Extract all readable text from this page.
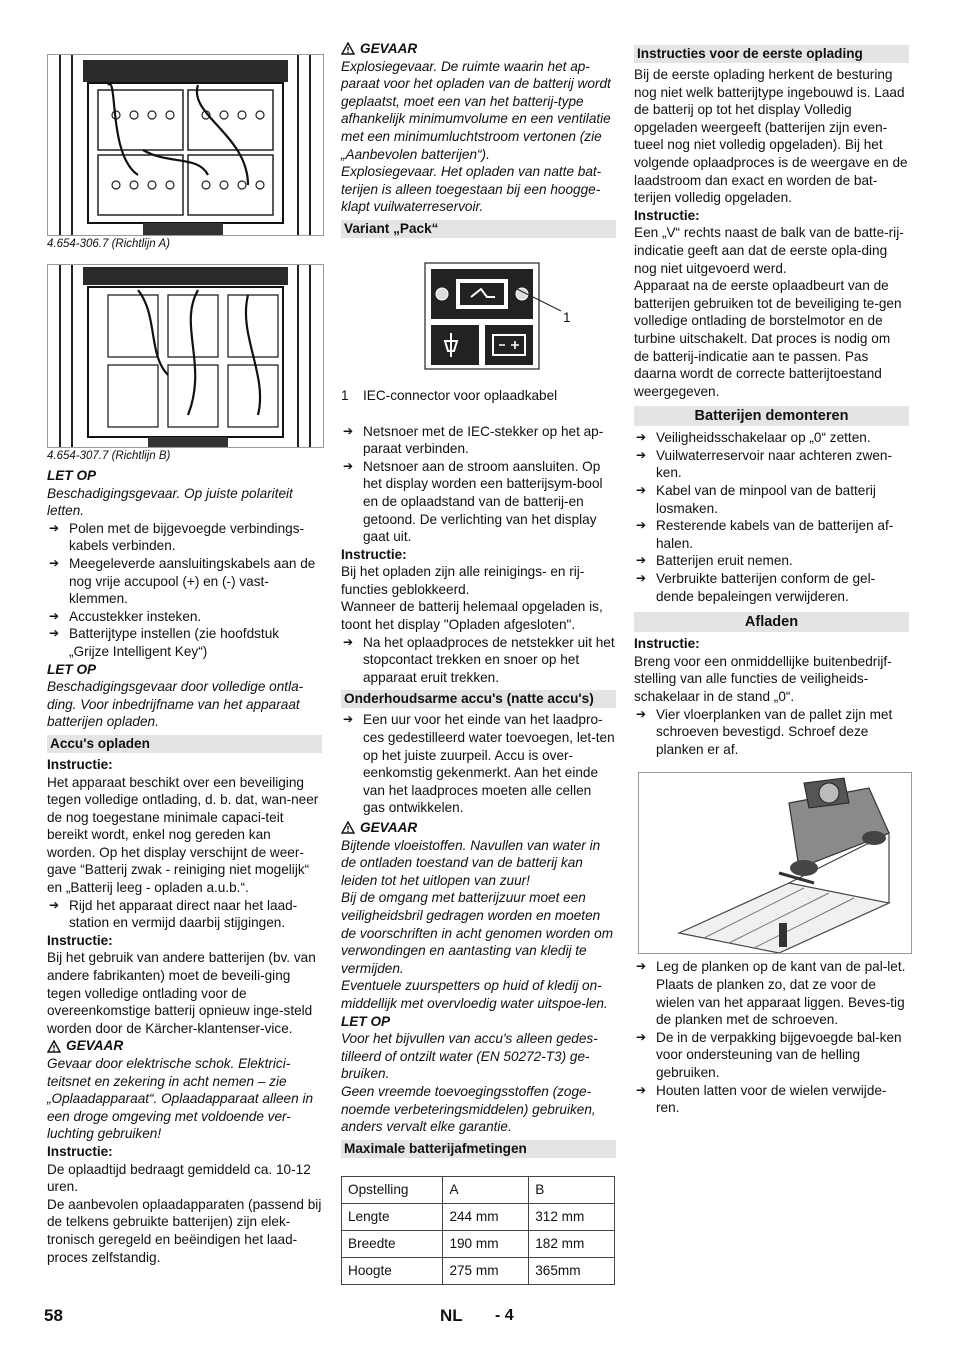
4.654-306.7 (Richtlijn A)

4.654-307.7 (Richtlijn B)

LET OP

Beschadigingsgevaar. Op juiste polariteit letten.

➔ Polen met de bijgevoegde verbindings-kabels verbinden.

➔ Meegeleverde aansluitingskabels aan de nog vrije accupool (+) en (-) vast-klemmen.

➔ Accustekker insteken.

➔ Batterijtype instellen (zie hoofdstuk „Grijze Intelligent Key“)

LET OP

Beschadigingsgevaar door volledige ontla-ding. Voor inbedrijfname van het apparaat batterijen opladen.

Accu's opladen

Instructie:

Het apparaat beschikt over een beveiliging tegen volledige ontlading, d. b. dat, wan-neer de nog toegestane minimale capaci-teit bereikt wordt, enkel nog gereden kan worden. Op het display verschijnt de weer-gave “Batterij zwak - reiniging niet mogelijk“ en „Batterij leeg - opladen a.u.b.“.

➔ Rijd het apparaat direct naar het laad-station en vermijd daarbij stijgingen.

Instructie:

Bij het gebruik van andere batterijen (bv. van andere fabrikanten) moet de beveili-ging tegen volledige ontlading voor de overeenkomstige batterij opnieuw inge-steld worden door de Kärcher-klantenser-vice.

GEVAAR

Gevaar door elektrische schok. Elektrici-teitsnet en zekering in acht nemen – zie „Oplaadapparaat“. Oplaadapparaat alleen in een droge omgeving met voldoende ver-luchting gebruiken!

Instructie:

De oplaadtijd bedraagt gemiddeld ca. 10-12 uren.

De aanbevolen oplaadapparaten (passend bij de telkens gebruikte batterijen) zijn elek-tronisch geregeld en beëindigen het laad-proces zelfstandig.

GEVAAR

Explosiegevaar. De ruimte waarin het ap-paraat voor het opladen van de batterij wordt geplaatst, moet een van het batterij-type afhankelijk minimumvolume en een ventilatie met een minimumluchtstroom vertonen (zie „Aanbevolen batterijen“).

Explosiegevaar. Het opladen van natte bat-terijen is alleen toegestaan bij een hoogge-klapt vuilwaterreservoir.

Variant „Pack“
1

1 IEC-connector voor oplaadkabel

➔ Netsnoer met de IEC-stekker op het ap-paraat verbinden.

➔ Netsnoer aan de stroom aansluiten. Op het display worden een batterijsym-bool en de oplaadstand van de batterij-en getoond. De verlichting van het display gaat uit.

Instructie:

Bij het opladen zijn alle reinigings- en rij-functies geblokkeerd.

Wanneer de batterij helemaal opgeladen is, toont het display "Opladen afgesloten".

➔ Na het oplaadproces de netstekker uit het stopcontact trekken en snoer op het apparaat eruit trekken.

Onderhoudsarme accu's (natte accu's)

➔ Een uur voor het einde van het laadpro-ces gedestilleerd water toevoegen, let-ten op het juiste zuurpeil. Accu is over-eenkomstig gekenmerkt. Aan het einde van het laadproces moeten alle cellen gas ontwikkelen.

GEVAAR

Bijtende vloeistoffen. Navullen van water in de ontladen toestand van de batterij kan leiden tot het uitlopen van zuur!

Bij de omgang met batterijzuur moet een veiligheidsbril gedragen worden en moeten de voorschriften in acht genomen worden om verwondingen en aantasting van kledij te vermijden.

Eventuele zuurspetters op huid of kledij on-middellijk met overvloedig water uitspoe-len.

LET OP

Voor het bijvullen van accu's alleen gedes-tilleerd of ontzilt water (EN 50272-T3) ge-bruiken.

Geen vreemde toevoegingsstoffen (zoge-noemde verbeteringsmiddelen) gebruiken, anders vervalt elke garantie.

Maximale batterijafmetingen
Opstelling	A	B
Lengte	244 mm	312 mm
Breedte	190 mm	182 mm
Hoogte	275 mm	365mm
Instructies voor de eerste oplading

Bij de eerste oplading herkent de besturing nog niet welk batterijtype ingebouwd is. Laad de batterij op tot het display Volledig opgeladen weergeeft (batterijen zijn even-tueel nog niet volledig opgeladen). Bij het volgende oplaadproces is de weergave en de laadstroom dan exact en worden de bat-terijen volledig opgeladen.

Instructie:

Een „V“ rechts naast de balk van de batte-rij-indicatie geeft aan dat de eerste opla-ding nog niet uitgevoerd werd.

Apparaat na de eerste oplaadbeurt van de batterijen gebruiken tot de beveiliging te-gen volledige ontlading de borstelmotor en de turbine uitschakelt. Dat proces is nodig om de batterij-indicatie aan te passen. Pas daarna wordt de correcte batterijtoestand weergegeven.

Batterijen demonteren

➔ Veiligheidsschakelaar op „0“ zetten.

➔ Vuilwaterreservoir naar achteren zwen-ken.

➔ Kabel van de minpool van de batterij losmaken.

➔ Resterende kabels van de batterijen af-halen.

➔ Batterijen eruit nemen.

➔ Verbruikte batterijen conform de gel-dende bepaleingen verwijderen.

Afladen

Instructie:

Breng voor een onmiddellijke buitenbedrijf-stelling van alle functies de veiligheids-schakelaar in de stand „0“.

➔ Vier vloerplanken van de pallet zijn met schroeven bevestigd. Schroef deze planken er af.

➔ Leg de planken op de kant van de pal-let. Plaats de planken zo, dat ze voor de wielen van het apparaat liggen. Beves-tig de planken met de schroeven.

➔ De in de verpakking bijgevoegde bal-ken voor ondersteuning van de helling gebruiken.

➔ Houten latten voor de wielen verwijde-ren.

58	NL - 4
